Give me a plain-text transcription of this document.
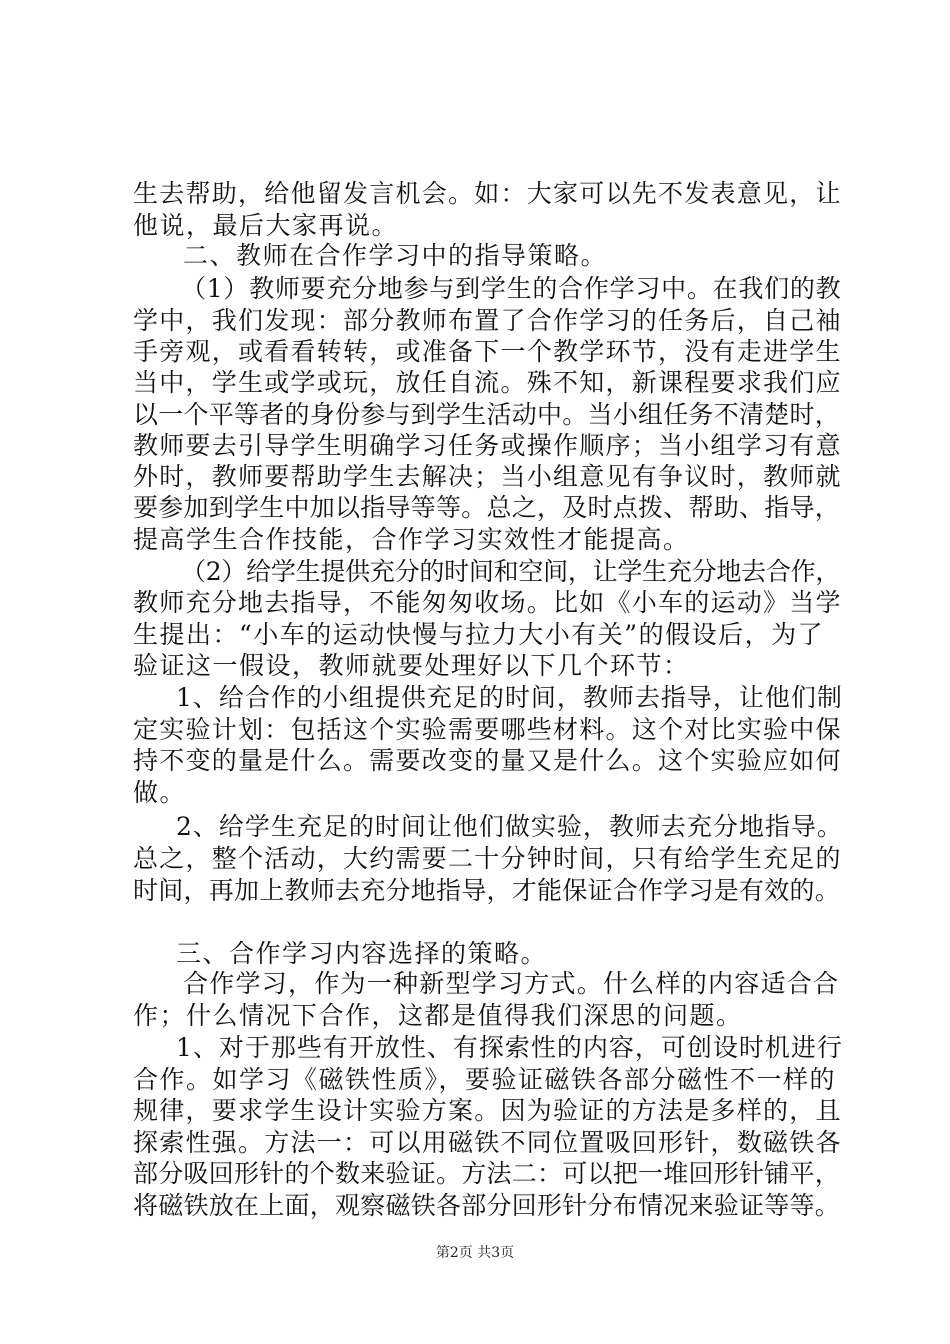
生去帮助，给他留发言机会。如：大家可以先不发表意见，让
他说，最后大家再说。
二、教师在合作学习中的指导策略。
（1）教师要充分地参与到学生的合作学习中。在我们的教
学中，我们发现：部分教师布置了合作学习的任务后，自己袖
手旁观，或看看转转，或准备下一个教学环节，没有走进学生
当中，学生或学或玩，放任自流。殊不知，新课程要求我们应
以一个平等者的身份参与到学生活动中。当小组任务不清楚时，
教师要去引导学生明确学习任务或操作顺序；当小组学习有意
外时，教师要帮助学生去解决；当小组意见有争议时，教师就
要参加到学生中加以指导等等。总之，及时点拨、帮助、指导，
提高学生合作技能，合作学习实效性才能提高。
（2）给学生提供充分的时间和空间，让学生充分地去合作，
教师充分地去指导，不能匆匆收场。比如《小车的运动》当学
生提出：“小车的运动快慢与拉力大小有关”的假设后，为了
验证这一假设，教师就要处理好以下几个环节：
1、给合作的小组提供充足的时间，教师去指导，让他们制
定实验计划：包括这个实验需要哪些材料。这个对比实验中保
持不变的量是什么。需要改变的量又是什么。这个实验应如何
做。
2、给学生充足的时间让他们做实验，教师去充分地指导。
总之，整个活动，大约需要二十分钟时间，只有给学生充足的
时间，再加上教师去充分地指导，才能保证合作学习是有效的。
三、合作学习内容选择的策略。
合作学习，作为一种新型学习方式。什么样的内容适合合
作；什么情况下合作，这都是值得我们深思的问题。
1、对于那些有开放性、有探索性的内容，可创设时机进行
合作。如学习《磁铁性质》，要验证磁铁各部分磁性不一样的
规律，要求学生设计实验方案。因为验证的方法是多样的，且
探索性强。方法一：可以用磁铁不同位置吸回形针，数磁铁各
部分吸回形针的个数来验证。方法二：可以把一堆回形针铺平，
将磁铁放在上面，观察磁铁各部分回形针分布情况来验证等等。
第2页 共3页
